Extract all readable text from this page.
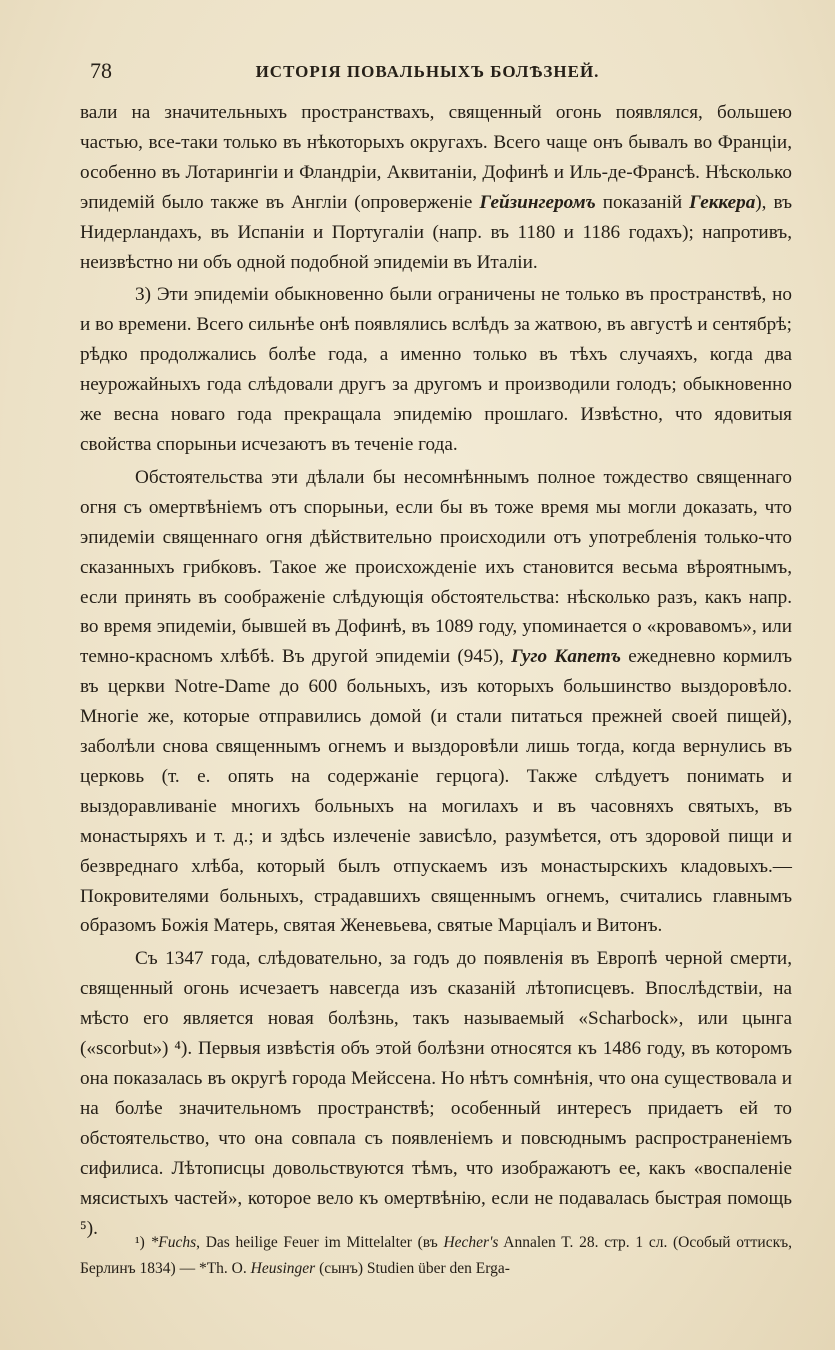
78	ИСТОРІЯ ПОВАЛЬНЫХЪ БОЛѢЗНЕЙ.

вали на значительныхъ пространствахъ, священный огонь появлялся, большею частью, все-таки только въ нѣкоторыхъ округахъ. Всего чаще онъ бывалъ во Франціи, особенно въ Лотарингіи и Фландріи, Аквитаніи, Дофинѣ и Иль-де-Франсѣ. Нѣсколько эпидемій было также въ Англіи (опроверженіе Гейзингеромъ показаній Геккера), въ Нидерландахъ, въ Испаніи и Португаліи (напр. въ 1180 и 1186 годахъ); напротивъ, неизвѣстно ни объ одной подобной эпидеміи въ Италіи.

3) Эти эпидеміи обыкновенно были ограничены не только въ пространствѣ, но и во времени. Всего сильнѣе онѣ появлялись вслѣдъ за жатвою, въ августѣ и сентябрѣ; рѣдко продолжались болѣе года, а именно только въ тѣхъ случаяхъ, когда два неурожайныхъ года слѣдовали другъ за другомъ и производили голодъ; обыкновенно же весна новаго года прекращала эпидемію прошлаго. Извѣстно, что ядовитыя свойства спорыньи исчезаютъ въ теченіе года.

Обстоятельства эти дѣлали бы несомнѣннымъ полное тождество священнаго огня съ омертвѣніемъ отъ спорыньи, если бы въ тоже время мы могли доказать, что эпидеміи священнаго огня дѣйствительно происходили отъ употребленія только-что сказанныхъ грибковъ. Такое же происхожденіе ихъ становится весьма вѣроятнымъ, если принять въ соображеніе слѣдующія обстоятельства: нѣсколько разъ, какъ напр. во время эпидеміи, бывшей въ Дофинѣ, въ 1089 году, упоминается о «кровавомъ», или темно-красномъ хлѣбѣ. Въ другой эпидеміи (945), Гуго Капетъ ежедневно кормилъ въ церкви Notre-Dame до 600 больныхъ, изъ которыхъ большинство выздоровѣло. Многіе же, которые отправились домой (и стали питаться прежней своей пищей), заболѣли снова священнымъ огнемъ и выздоровѣли лишь тогда, когда вернулись въ церковь (т. е. опять на содержаніе герцога). Также слѣдуетъ понимать и выздоравливаніе многихъ больныхъ на могилахъ и въ часовняхъ святыхъ, въ монастыряхъ и т. д.; и здѣсь излеченіе зависѣло, разумѣется, отъ здоровой пищи и безвреднаго хлѣба, который былъ отпускаемъ изъ монастырскихъ кладовыхъ.—Покровителями больныхъ, страдавшихъ священнымъ огнемъ, считались главнымъ образомъ Божія Матерь, святая Женевьева, святые Марціалъ и Витонъ.

Съ 1347 года, слѣдовательно, за годъ до появленія въ Европѣ черной смерти, священный огонь исчезаетъ навсегда изъ сказаній лѣтописцевъ. Впослѣдствіи, на мѣсто его является новая болѣзнь, такъ называемый «Scharbock», или цынга («scorbut») ⁴). Первыя извѣстія объ этой болѣзни относятся къ 1486 году, въ которомъ она показалась въ округѣ города Мейссена. Но нѣтъ сомнѣнія, что она существовала и на болѣе значительномъ пространствѣ; особенный интересъ придаетъ ей то обстоятельство, что она совпала съ появленіемъ и повсюднымъ распространеніемъ сифилиса. Лѣтописцы довольствуются тѣмъ, что изображаютъ ее, какъ «воспаленіе мясистыхъ частей», которое вело къ омертвѣнію, если не подавалась быстрая помощь ⁵).

¹) *Fuchs, Das heilige Feuer im Mittelalter (въ Hecher's Annalen T. 28. стр. 1 сл. (Особый оттискъ, Берлинъ 1834) — *Th. O. Heusinger (сынъ) Studien über den Erga-
